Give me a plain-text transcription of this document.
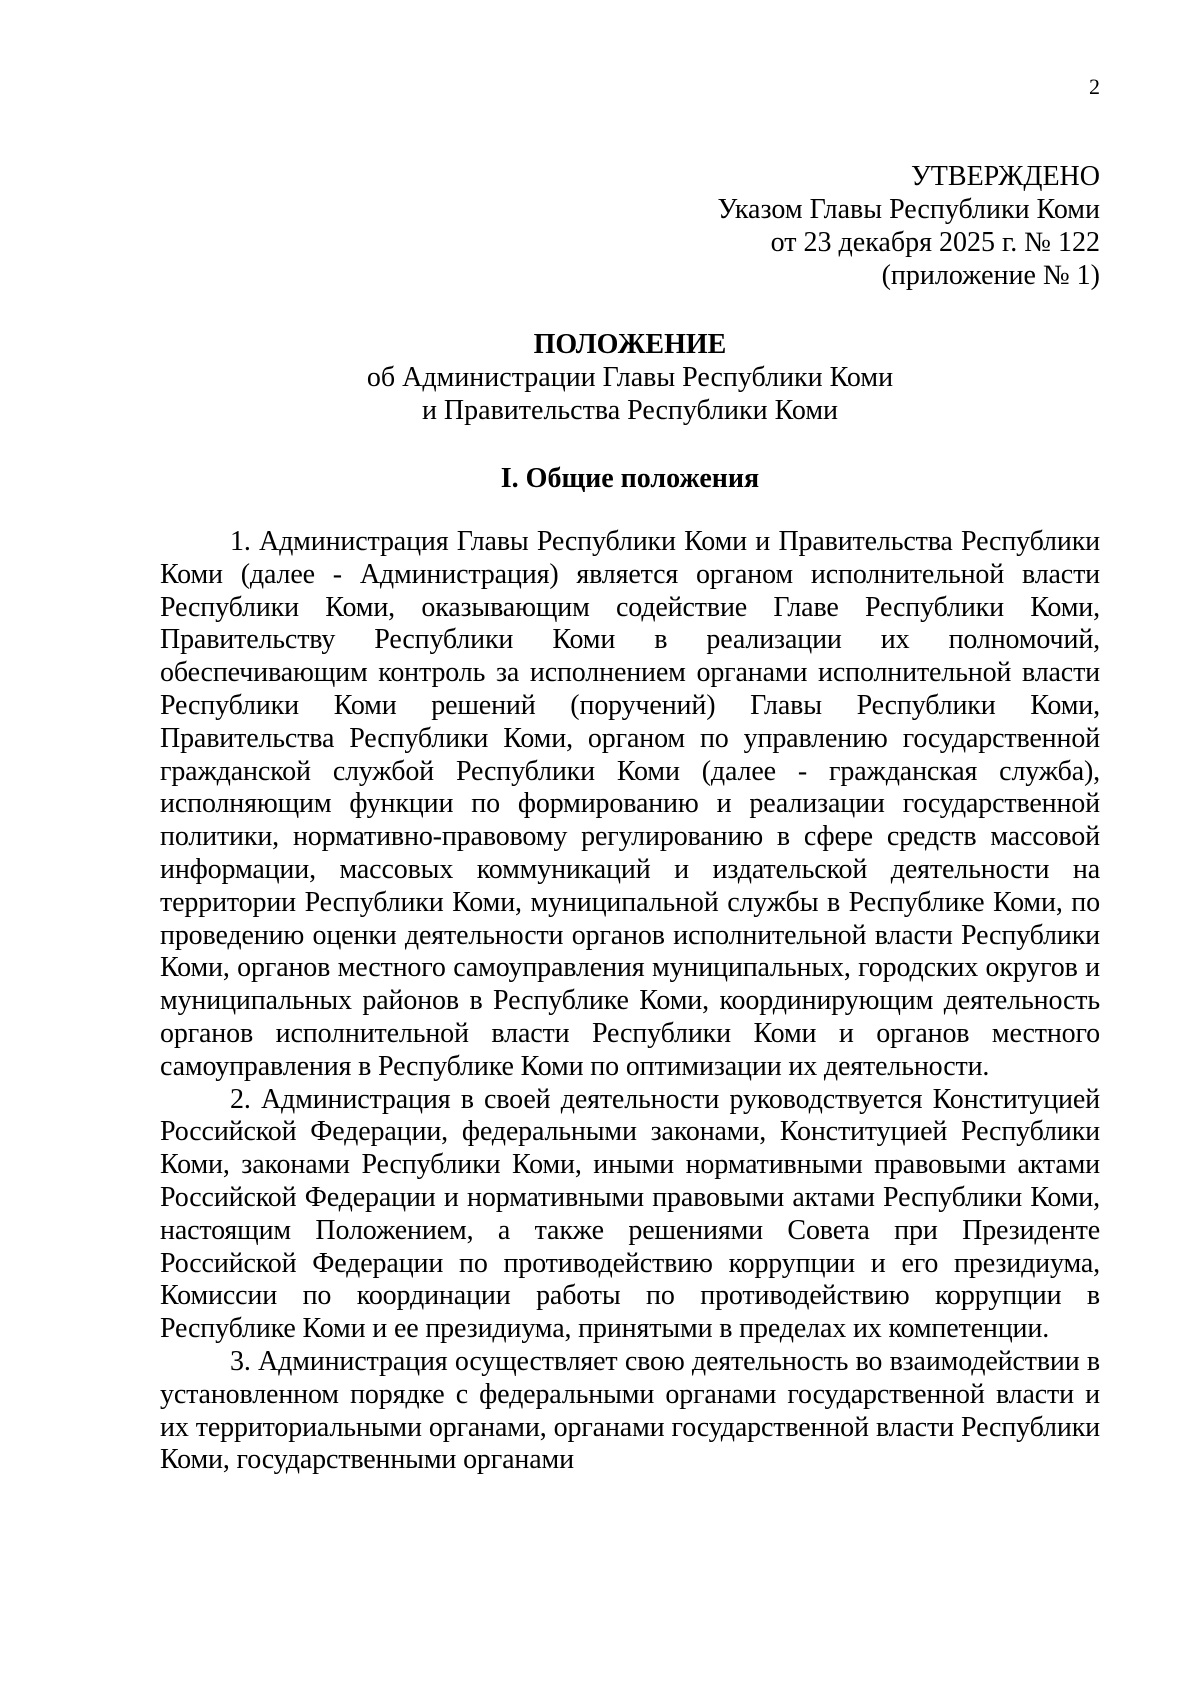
2
УТВЕРЖДЕНО
Указом Главы Республики Коми
от 23 декабря 2025 г. № 122
(приложение № 1)
ПОЛОЖЕНИЕ
об Администрации Главы Республики Коми
и Правительства Республики Коми
I. Общие положения

1. Администрация Главы Республики Коми и Правительства Республики Коми (далее - Администрация) является органом исполнительной власти Республики Коми, оказывающим содействие Главе Республики Коми, Правительству Республики Коми в реализации их полномочий, обеспечивающим контроль за исполнением органами исполнительной власти Республики Коми решений (поручений) Главы Республики Коми, Правительства Республики Коми, органом по управлению государственной гражданской службой Республики Коми (далее - гражданская служба), исполняющим функции по формированию и реализации государственной политики, нормативно-правовому регулированию в сфере средств массовой информации, массовых коммуникаций и издательской деятельности на территории Республики Коми, муниципальной службы в Республике Коми, по проведению оценки деятельности органов исполнительной власти Республики Коми, органов местного самоуправления муниципальных, городских округов и муниципальных районов в Республике Коми, координирующим деятельность органов исполнительной власти Республики Коми и органов местного самоуправления в Республике Коми по оптимизации их деятельности.

2. Администрация в своей деятельности руководствуется Конституцией Российской Федерации, федеральными законами, Конституцией Республики Коми, законами Республики Коми, иными нормативными правовыми актами Российской Федерации и нормативными правовыми актами Республики Коми, настоящим Положением, а также решениями Совета при Президенте Российской Федерации по противодействию коррупции и его президиума, Комиссии по координации работы по противодействию коррупции в Республике Коми и ее президиума, принятыми в пределах их компетенции.

3. Администрация осуществляет свою деятельность во взаимодействии в установленном порядке с федеральными органами государственной власти и их территориальными органами, органами государственной власти Республики Коми, государственными органами
